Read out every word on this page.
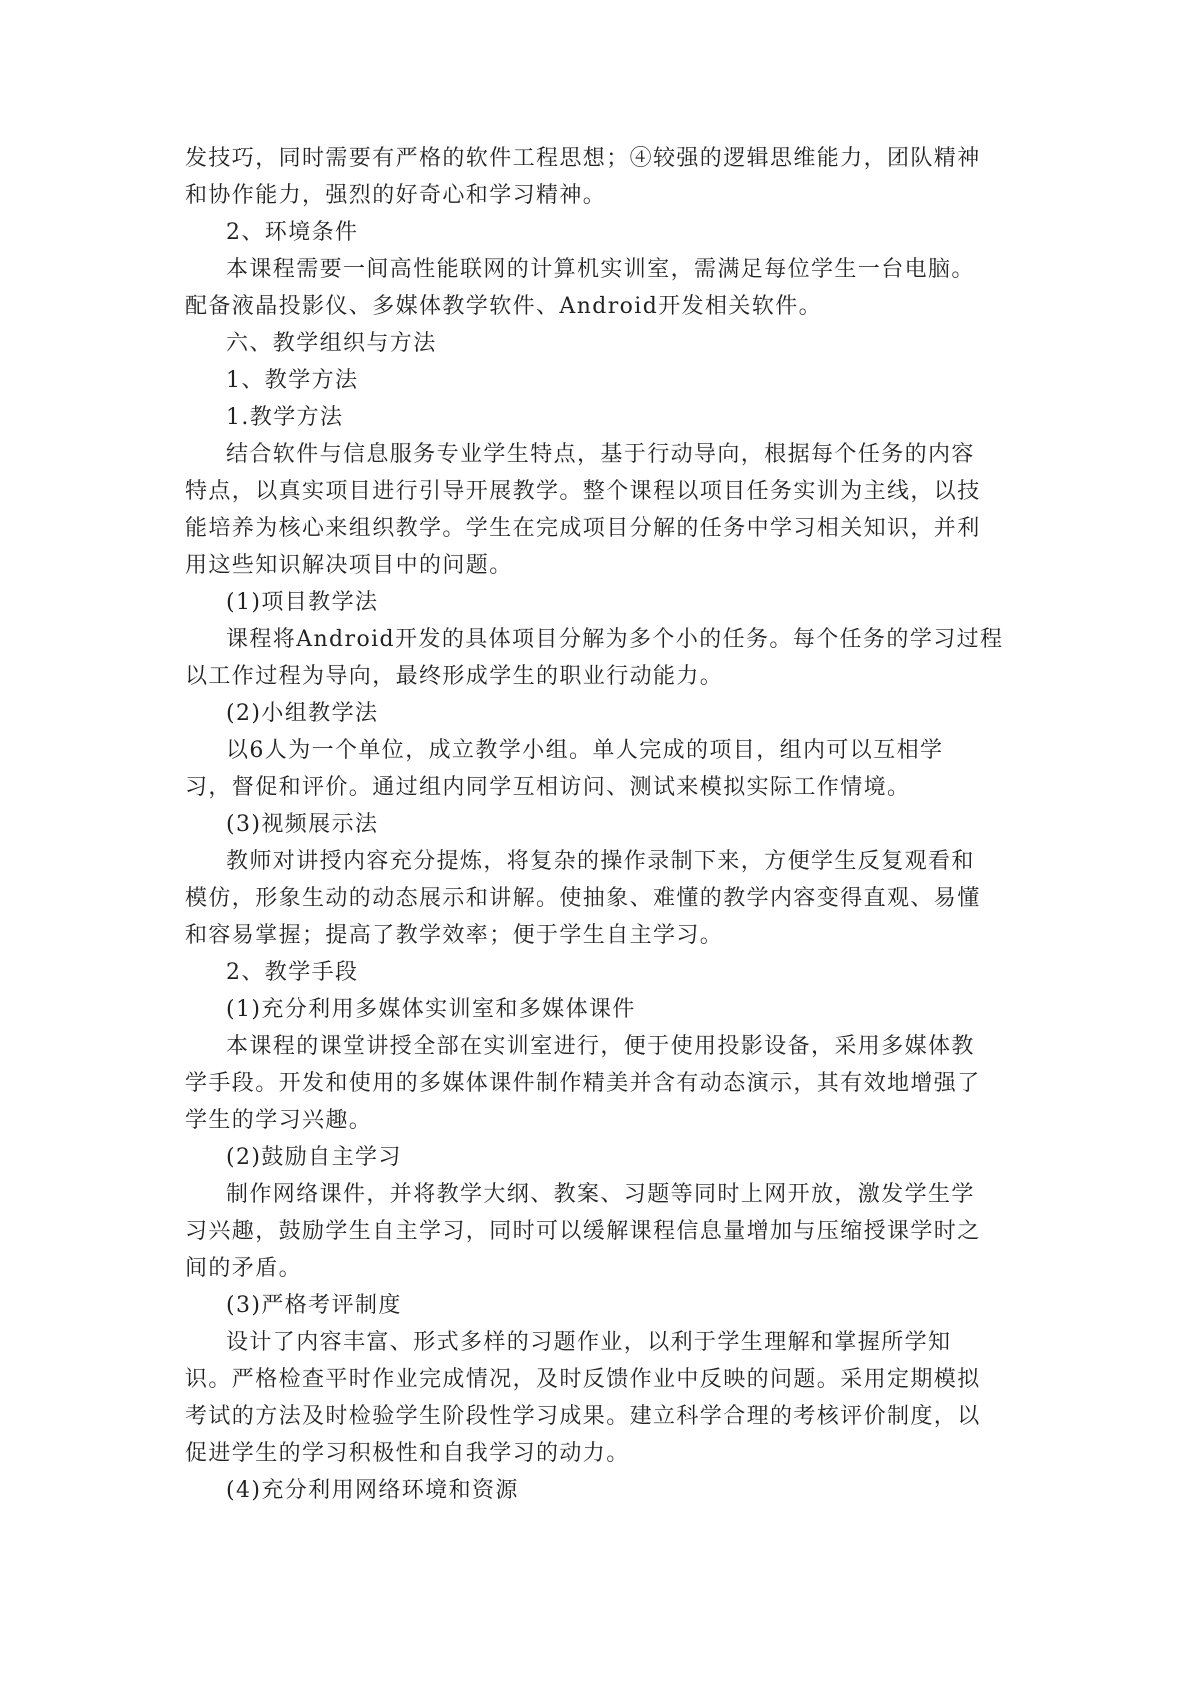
发技巧，同时需要有严格的软件工程思想；④较强的逻辑思维能力，团队精神
和协作能力，强烈的好奇心和学习精神。
2、环境条件
本课程需要一间高性能联网的计算机实训室，需满足每位学生一台电脑。
配备液晶投影仪、多媒体教学软件、Android开发相关软件。
六、教学组织与方法
1、教学方法
1.教学方法
结合软件与信息服务专业学生特点，基于行动导向，根据每个任务的内容
特点，以真实项目进行引导开展教学。整个课程以项目任务实训为主线，以技
能培养为核心来组织教学。学生在完成项目分解的任务中学习相关知识，并利
用这些知识解决项目中的问题。
(1)项目教学法
课程将Android开发的具体项目分解为多个小的任务。每个任务的学习过程
以工作过程为导向，最终形成学生的职业行动能力。
(2)小组教学法
以6人为一个单位，成立教学小组。单人完成的项目，组内可以互相学
习，督促和评价。通过组内同学互相访问、测试来模拟实际工作情境。
(3)视频展示法
教师对讲授内容充分提炼，将复杂的操作录制下来，方便学生反复观看和
模仿，形象生动的动态展示和讲解。使抽象、难懂的教学内容变得直观、易懂
和容易掌握；提高了教学效率；便于学生自主学习。
2、教学手段
(1)充分利用多媒体实训室和多媒体课件
本课程的课堂讲授全部在实训室进行，便于使用投影设备，采用多媒体教
学手段。开发和使用的多媒体课件制作精美并含有动态演示，其有效地增强了
学生的学习兴趣。
(2)鼓励自主学习
制作网络课件，并将教学大纲、教案、习题等同时上网开放，激发学生学
习兴趣，鼓励学生自主学习，同时可以缓解课程信息量增加与压缩授课学时之
间的矛盾。
(3)严格考评制度
设计了内容丰富、形式多样的习题作业，以利于学生理解和掌握所学知
识。严格检查平时作业完成情况，及时反馈作业中反映的问题。采用定期模拟
考试的方法及时检验学生阶段性学习成果。建立科学合理的考核评价制度，以
促进学生的学习积极性和自我学习的动力。
(4)充分利用网络环境和资源
